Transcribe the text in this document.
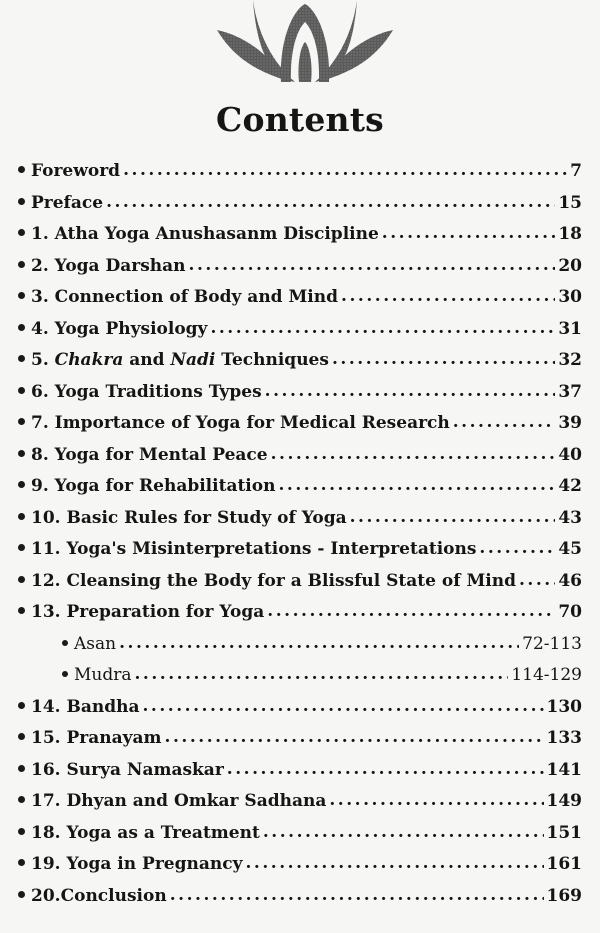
Contents
Foreword . . .	7
Preface . . .	15
1. Atha Yoga Anushasanm Discipline . . .	18
2. Yoga Darshan . . .	20
3. Connection of Body and Mind . . .	30
4. Yoga Physiology . . .	31
5. Chakra and Nadi Techniques . . .	32
6. Yoga Traditions Types . . .	37
7. Importance of Yoga for Medical Research . . .	39
8. Yoga for Mental Peace . . .	40
9. Yoga for Rehabilitation . . .	42
10. Basic Rules for Study of Yoga . . .	43
11. Yoga's Misinterpretations - Interpretations . . .	45
12. Cleansing the Body for a Blissful State of Mind . . . 46
13. Preparation for Yoga . . .	70
Asan . . .	72-113
Mudra . . .	114-129
14. Bandha . . .	130
15. Pranayam . . .	133
16. Surya Namaskar . . .	141
17. Dhyan and Omkar Sadhana . . .	149
18. Yoga as a Treatment . . .	151
19. Yoga in Pregnancy . . .	161
20.Conclusion . . .	169
